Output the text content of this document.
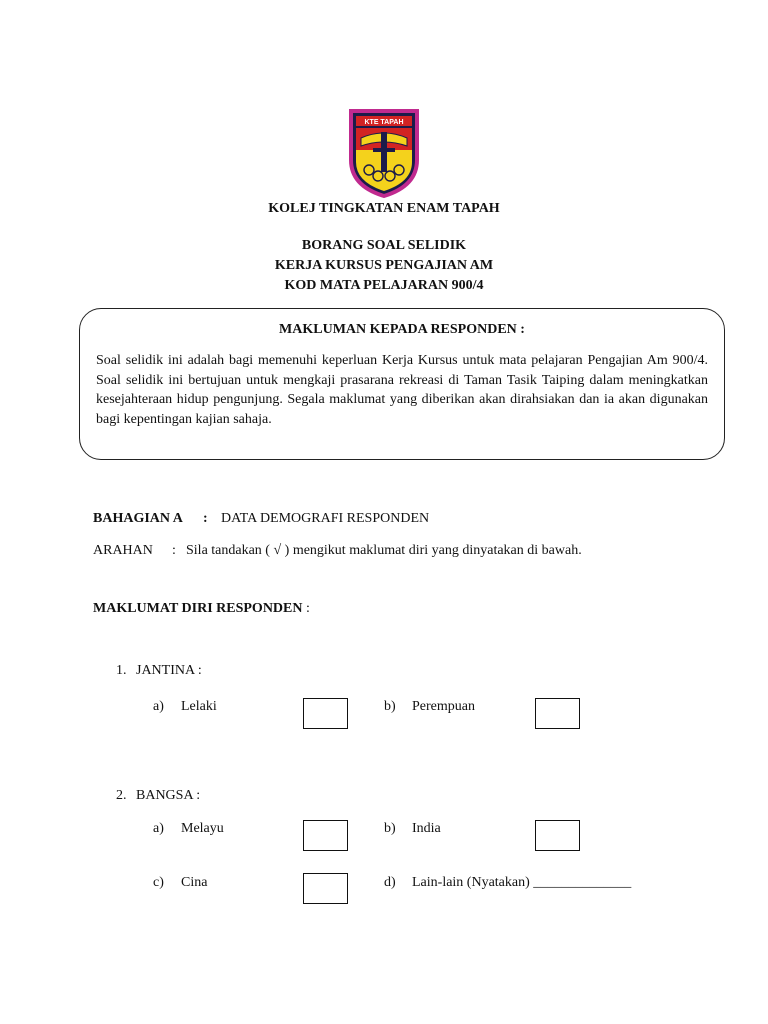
KTE TAPAH
KOLEJ TINGKATAN ENAM TAPAH
BORANG SOAL SELIDIK
KERJA KURSUS PENGAJIAN AM
KOD MATA PELAJARAN 900/4
MAKLUMAN KEPADA RESPONDEN :
Soal selidik ini adalah bagi memenuhi keperluan Kerja Kursus untuk mata pelajaran Pengajian Am 900/4. Soal selidik ini bertujuan untuk mengkaji prasarana rekreasi di Taman Tasik Taiping dalam meningkatkan kesejahteraan hidup pengunjung. Segala maklumat yang diberikan akan dirahsiakan dan ia akan digunakan bagi kepentingan kajian sahaja.
BAHAGIAN A : DATA DEMOGRAFI RESPONDEN
ARAHAN : Sila tandakan ( √ ) mengikut maklumat diri yang dinyatakan di bawah.
MAKLUMAT DIRI RESPONDEN :
1. JANTINA :
a) Lelaki	b) Perempuan
2. BANGSA :
a) Melayu	b) India
c) Cina	d) Lain-lain (Nyatakan) ______________
